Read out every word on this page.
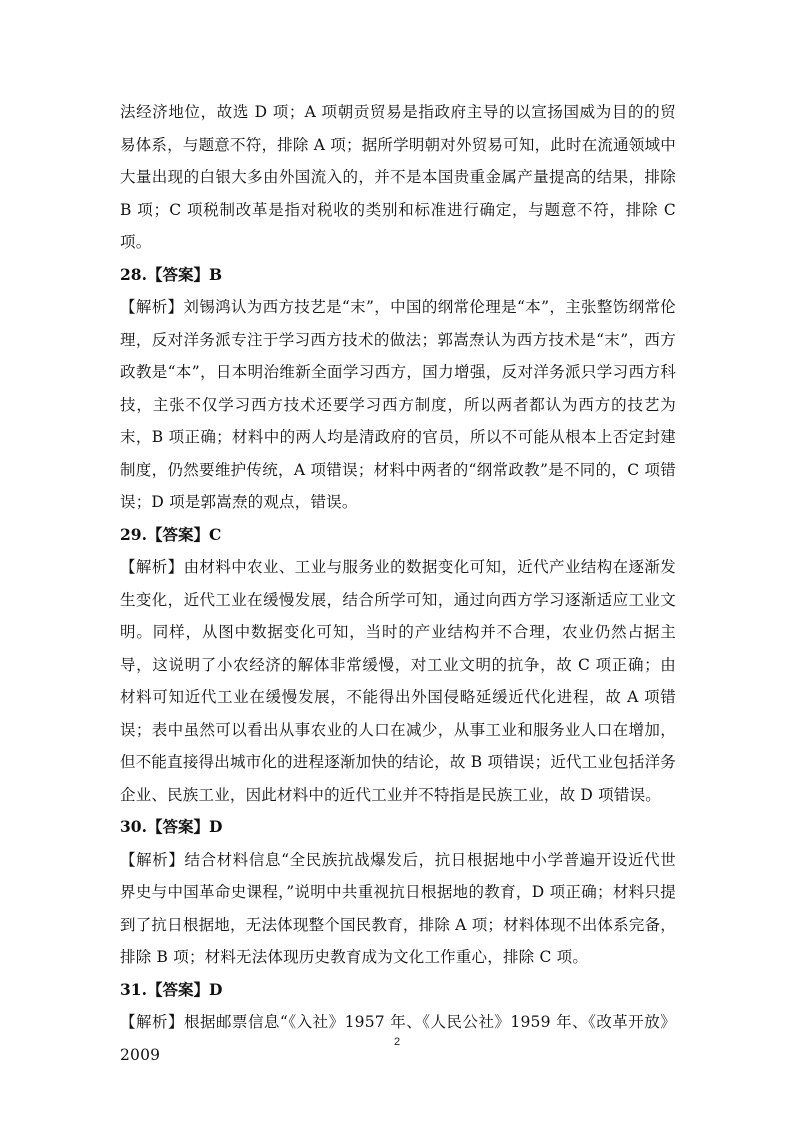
法经济地位，故选 D 项；A 项朝贡贸易是指政府主导的以宣扬国威为目的的贸易体系，与题意不符，排除 A 项；据所学明朝对外贸易可知，此时在流通领域中大量出现的白银大多由外国流入的，并不是本国贵重金属产量提高的结果，排除 B 项；C 项税制改革是指对税收的类别和标准进行确定，与题意不符，排除 C 项。

28.【答案】B

【解析】刘锡鸿认为西方技艺是“末”，中国的纲常伦理是“本”，主张整饬纲常伦理，反对洋务派专注于学习西方技术的做法；郭嵩焘认为西方技术是“末”，西方政教是“本”，日本明治维新全面学习西方，国力增强，反对洋务派只学习西方科技，主张不仅学习西方技术还要学习西方制度，所以两者都认为西方的技艺为末，B 项正确；材料中的两人均是清政府的官员，所以不可能从根本上否定封建制度，仍然要维护传统，A 项错误；材料中两者的“纲常政教”是不同的，C 项错误；D 项是郭嵩焘的观点，错误。

29.【答案】C

【解析】由材料中农业、工业与服务业的数据变化可知，近代产业结构在逐渐发生变化，近代工业在缓慢发展，结合所学可知，通过向西方学习逐渐适应工业文明。同样，从图中数据变化可知，当时的产业结构并不合理，农业仍然占据主导，这说明了小农经济的解体非常缓慢，对工业文明的抗争，故 C 项正确；由材料可知近代工业在缓慢发展，不能得出外国侵略延缓近代化进程，故 A 项错误；表中虽然可以看出从事农业的人口在减少，从事工业和服务业人口在增加，但不能直接得出城市化的进程逐渐加快的结论，故 B 项错误；近代工业包括洋务企业、民族工业，因此材料中的近代工业并不特指是民族工业，故 D 项错误。

30.【答案】D

【解析】结合材料信息“全民族抗战爆发后，抗日根据地中小学普遍开设近代世界史与中国革命史课程，”说明中共重视抗日根据地的教育，D 项正确；材料只提到了抗日根据地，无法体现整个国民教育，排除 A 项；材料体现不出体系完备，排除 B 项；材料无法体现历史教育成为文化工作重心，排除 C 项。

31.【答案】D

【解析】根据邮票信息“《入社》1957 年、《人民公社》1959 年、《改革开放》2009

2
